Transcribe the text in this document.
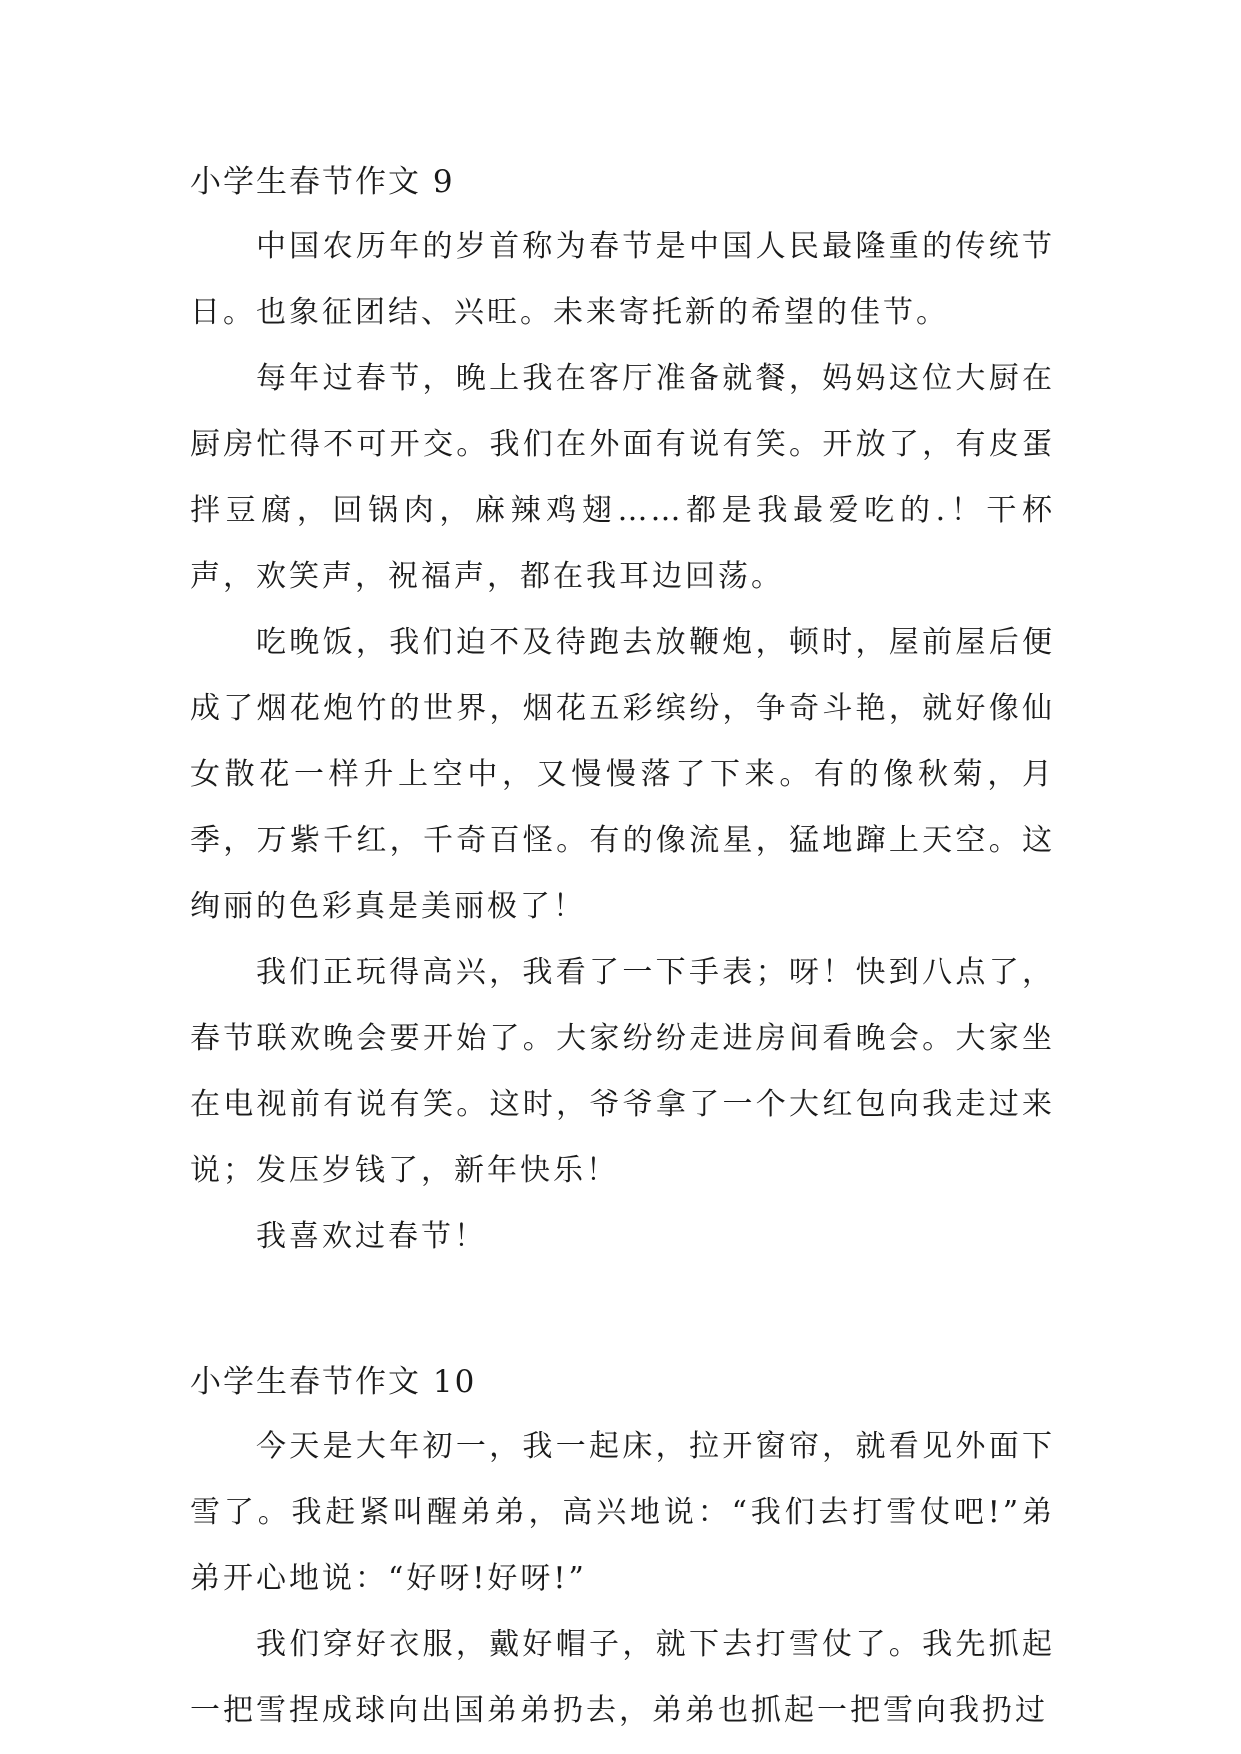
小学生春节作文 9

中国农历年的岁首称为春节是中国人民最隆重的传统节日。也象征团结、兴旺。未来寄托新的希望的佳节。

每年过春节，晚上我在客厅准备就餐，妈妈这位大厨在厨房忙得不可开交。我们在外面有说有笑。开放了，有皮蛋拌豆腐，回锅肉，麻辣鸡翅……都是我最爱吃的.！干杯声，欢笑声，祝福声，都在我耳边回荡。

吃晚饭，我们迫不及待跑去放鞭炮，顿时，屋前屋后便成了烟花炮竹的世界，烟花五彩缤纷，争奇斗艳，就好像仙女散花一样升上空中，又慢慢落了下来。有的像秋菊，月季，万紫千红，千奇百怪。有的像流星，猛地蹿上天空。这绚丽的色彩真是美丽极了！

我们正玩得高兴，我看了一下手表；呀！快到八点了，春节联欢晚会要开始了。大家纷纷走进房间看晚会。大家坐在电视前有说有笑。这时，爷爷拿了一个大红包向我走过来说；发压岁钱了，新年快乐！

我喜欢过春节！

小学生春节作文 10

今天是大年初一，我一起床，拉开窗帘，就看见外面下雪了。我赶紧叫醒弟弟，高兴地说：“我们去打雪仗吧!”弟弟开心地说：“好呀!好呀!”

我们穿好衣服，戴好帽子，就下去打雪仗了。我先抓起一把雪捏成球向出国弟弟扔去，弟弟也抓起一把雪向我扔过
